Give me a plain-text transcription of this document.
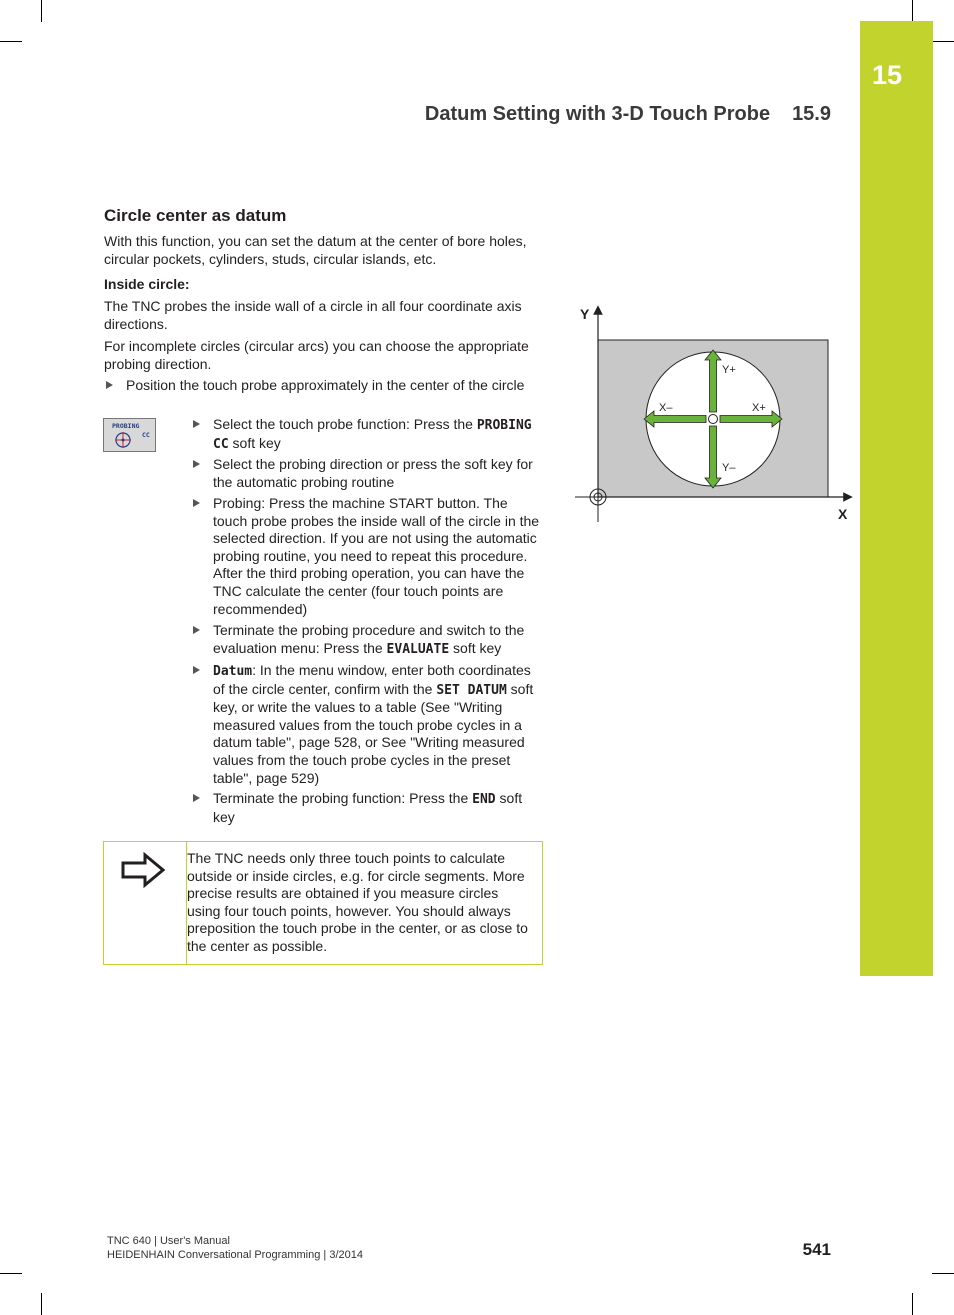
15
Datum Setting with 3-D Touch Probe 15.9
Circle center as datum

With this function, you can set the datum at the center of bore holes, circular pockets, cylinders, studs, circular islands, etc.

Inside circle:
The TNC probes the inside wall of a circle in all four coordinate axis directions.
For incomplete circles (circular arcs) you can choose the appropriate probing direction.
Position the touch probe approximately in the center of the circle
PROBING
CC
Select the touch probe function: Press the PROBING CC soft key
Select the probing direction or press the soft key for the automatic probing routine
Probing: Press the machine START button. The touch probe probes the inside wall of the circle in the selected direction. If you are not using the automatic probing routine, you need to repeat this procedure. After the third probing operation, you can have the TNC calculate the center (four touch points are recommended)
Terminate the probing procedure and switch to the evaluation menu: Press the EVALUATE soft key
Datum: In the menu window, enter both coordinates of the circle center, confirm with the SET DATUM soft key, or write the values to a table (See "Writing measured values from the touch probe cycles in a datum table", page 528, or See "Writing measured values from the touch probe cycles in the preset table", page 529)
Terminate the probing function: Press the END soft key
The TNC needs only three touch points to calculate outside or inside circles, e.g. for circle segments. More precise results are obtained if you measure circles using four touch points, however. You should always preposition the touch probe in the center, or as close to the center as possible.
Y
X
Y+
Y–
X+
X–
TNC 640 | User's Manual
HEIDENHAIN Conversational Programming | 3/2014	541
